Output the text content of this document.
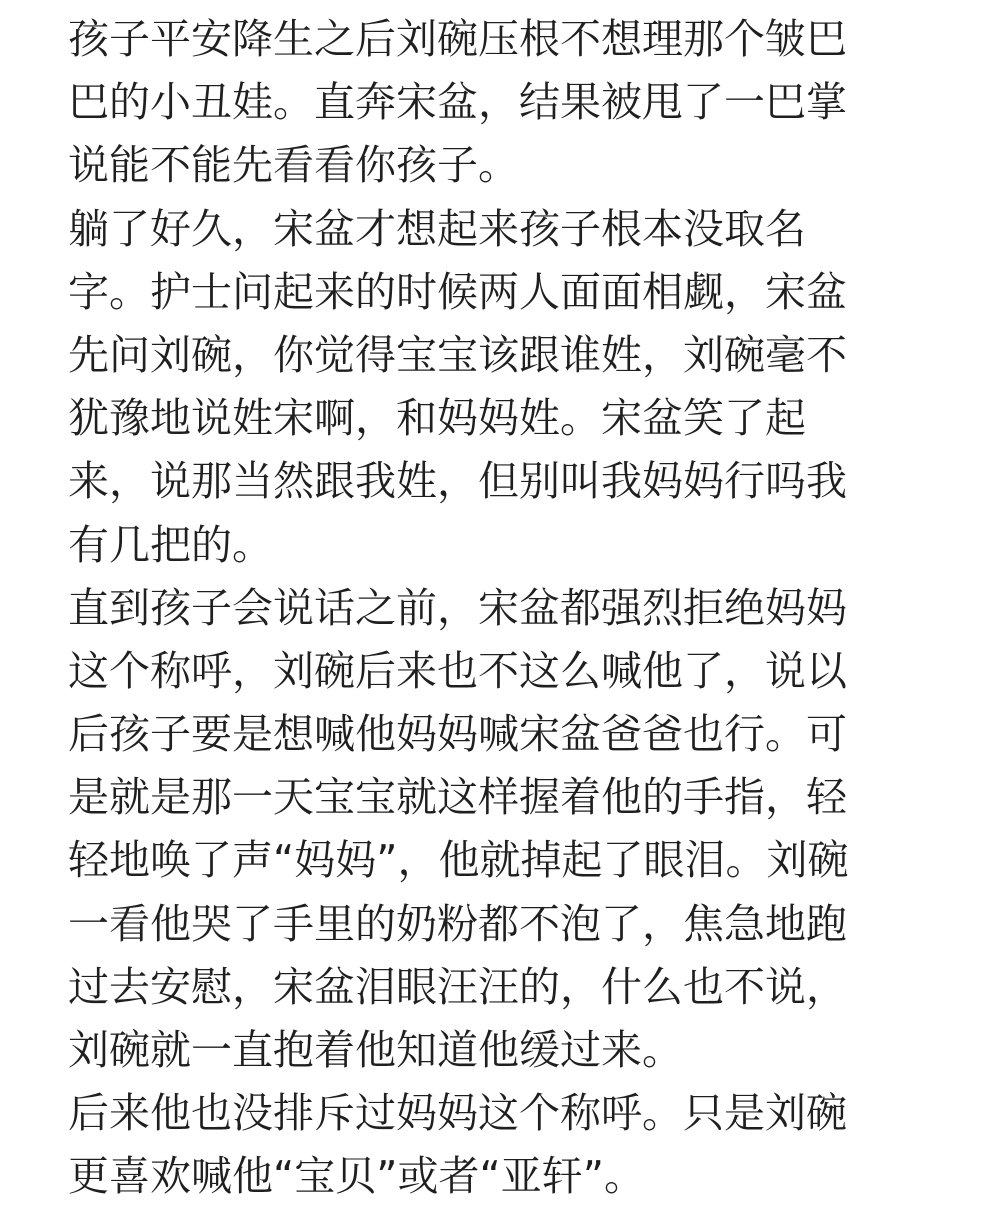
孩子平安降生之后刘碗压根不想理那个皱巴
巴的小丑娃。直奔宋盆，结果被甩了一巴掌
说能不能先看看你孩子。
躺了好久，宋盆才想起来孩子根本没取名
字。护士问起来的时候两人面面相觑，宋盆
先问刘碗，你觉得宝宝该跟谁姓，刘碗毫不
犹豫地说姓宋啊，和妈妈姓。宋盆笑了起
来，说那当然跟我姓，但别叫我妈妈行吗我
有几把的。
直到孩子会说话之前，宋盆都强烈拒绝妈妈
这个称呼，刘碗后来也不这么喊他了，说以
后孩子要是想喊他妈妈喊宋盆爸爸也行。可
是就是那一天宝宝就这样握着他的手指，轻
轻地唤了声“妈妈”，他就掉起了眼泪。刘碗
一看他哭了手里的奶粉都不泡了，焦急地跑
过去安慰，宋盆泪眼汪汪的，什么也不说，
刘碗就一直抱着他知道他缓过来。
后来他也没排斥过妈妈这个称呼。只是刘碗
更喜欢喊他“宝贝”或者“亚轩”。
